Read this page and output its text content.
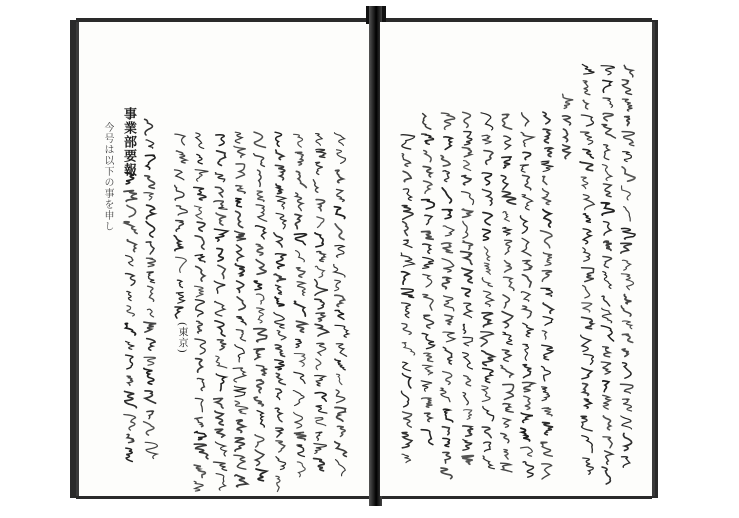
事業部要報
今号は以下の事を申し
(東京)
